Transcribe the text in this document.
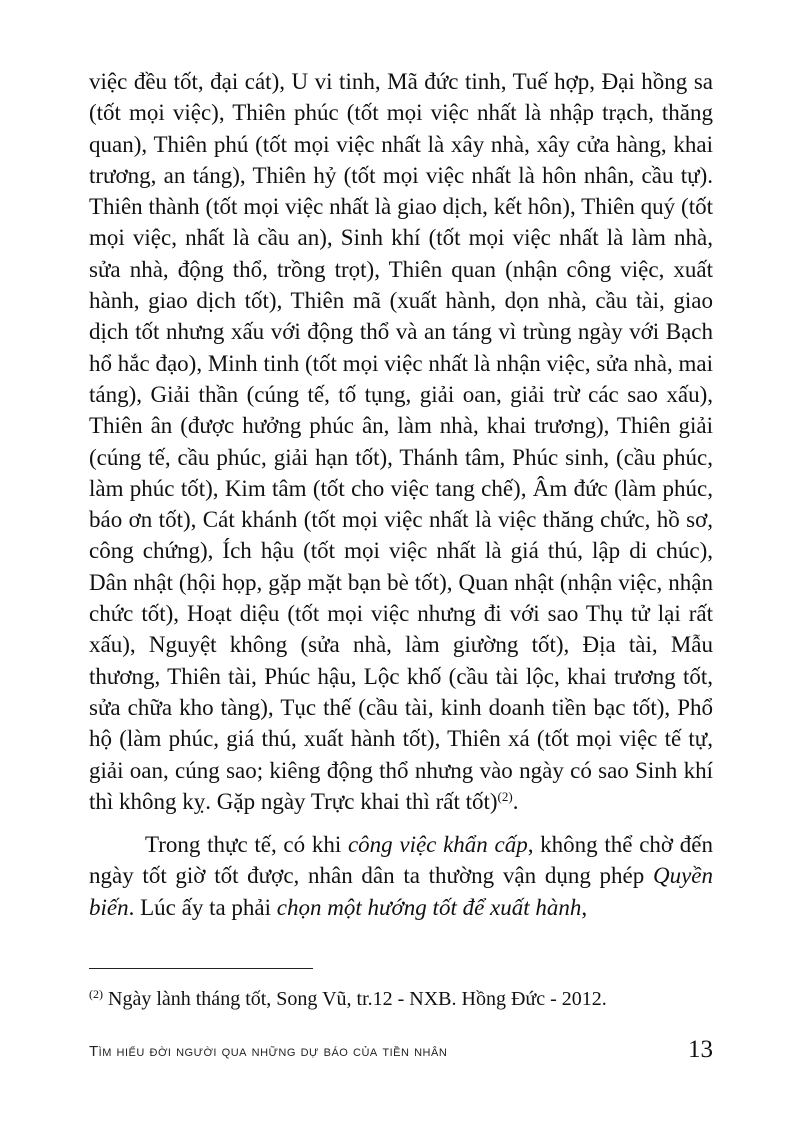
việc đều tốt, đại cát), U vi tinh, Mã đức tinh, Tuế hợp, Đại hồng sa (tốt mọi việc), Thiên phúc (tốt mọi việc nhất là nhập trạch, thăng quan), Thiên phú (tốt mọi việc nhất là xây nhà, xây cửa hàng, khai trương, an táng), Thiên hỷ (tốt mọi việc nhất là hôn nhân, cầu tự). Thiên thành (tốt mọi việc nhất là giao dịch, kết hôn), Thiên quý (tốt mọi việc, nhất là cầu an), Sinh khí (tốt mọi việc nhất là làm nhà, sửa nhà, động thổ, trồng trọt), Thiên quan (nhận công việc, xuất hành, giao dịch tốt), Thiên mã (xuất hành, dọn nhà, cầu tài, giao dịch tốt nhưng xấu với động thổ và an táng vì trùng ngày với Bạch hổ hắc đạo), Minh tinh (tốt mọi việc nhất là nhận việc, sửa nhà, mai táng), Giải thần (cúng tế, tố tụng, giải oan, giải trừ các sao xấu), Thiên ân (được hưởng phúc ân, làm nhà, khai trương), Thiên giải (cúng tế, cầu phúc, giải hạn tốt), Thánh tâm, Phúc sinh, (cầu phúc, làm phúc tốt), Kim tâm (tốt cho việc tang chế), Âm đức (làm phúc, báo ơn tốt), Cát khánh (tốt mọi việc nhất là việc thăng chức, hồ sơ, công chứng), Ích hậu (tốt mọi việc nhất là giá thú, lập di chúc), Dân nhật (hội họp, gặp mặt bạn bè tốt), Quan nhật (nhận việc, nhận chức tốt), Hoạt diệu (tốt mọi việc nhưng đi với sao Thụ tử lại rất xấu), Nguyệt không (sửa nhà, làm giường tốt), Địa tài, Mẫu thương, Thiên tài, Phúc hậu, Lộc khố (cầu tài lộc, khai trương tốt, sửa chữa kho tàng), Tục thế (cầu tài, kinh doanh tiền bạc tốt), Phổ hộ (làm phúc, giá thú, xuất hành tốt), Thiên xá (tốt mọi việc tế tự, giải oan, cúng sao; kiêng động thổ nhưng vào ngày có sao Sinh khí thì không kỵ. Gặp ngày Trực khai thì rất tốt)$^{(2)}$.

Trong thực tế, có khi công việc khẩn cấp, không thể chờ đến ngày tốt giờ tốt được, nhân dân ta thường vận dụng phép Quyền biến. Lúc ấy ta phải chọn một hướng tốt để xuất hành,

$^{(2)}$ Ngày lành tháng tốt, Song Vũ, tr.12 - NXB. Hồng Đức - 2012.

Tìm hiểu đời người qua những dự báo của tiền nhân	13
